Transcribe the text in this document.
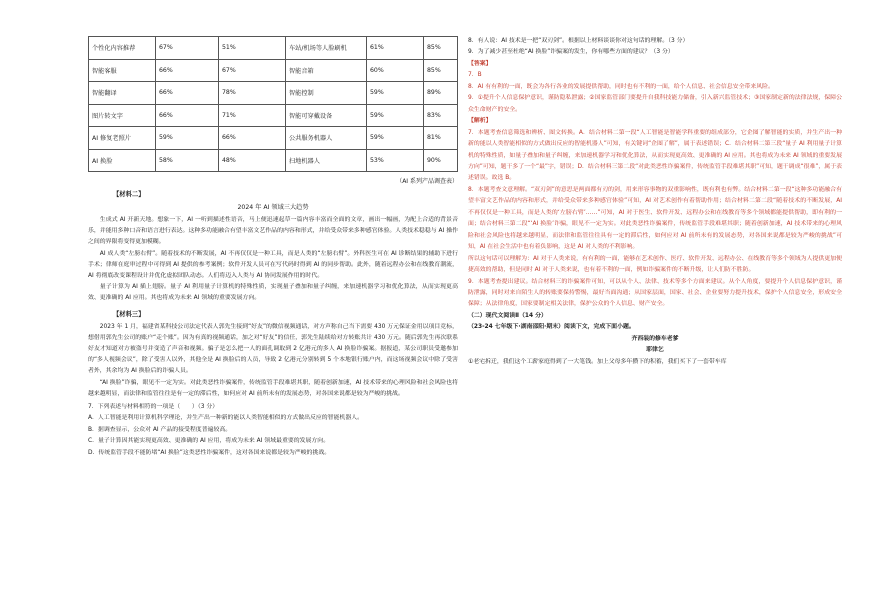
个性化内容推荐	67%	51%	车站/机场等人脸刷机	61%	85%
智能客服	66%	67%	智能音箱	60%	85%
智能翻译	66%	78%	智能控制	59%	89%
图片转文字	66%	71%	智能可穿戴设备	59%	83%
AI 修复老照片	59%	66%	公共服务机器人	59%	81%
AI 换脸	58%	48%	扫地机器人	53%	90%
（AI 系列产品调查表）
【材料二】
2024 年 AI 领域三大趋势

生成式 AI 开新天地。想象一下，AI 一听到描述性语音，马上便迅速起草一篇内容丰富而全面的文章，画出一幅画，为配上合适的背景音乐，并能用多种口音和语言进行表达。这种多功能融合有望丰富文艺作品的内容和形式，并给受众带来多种感官体验。人类技术稳稳与 AI 操作之间的界限将变得更加模糊。

AI 成人类“左膀右臂”。随着技术的不断发展，AI 不再仅仅是一种工具，而是人类的“左膀右臂”。外科医生可在 AI 诊断结果的辅助下进行手术；律师在庭审过程中可得到 AI 提供的参考案例；软件开发人员可在写代码时得到 AI 的同步帮助。此外，随着远程办公和在线教育潮流，AI 将彻底改变课程设计并优化虚拟团队动态。人们将迈入人类与 AI 协同发展作用的时代。

量子计算为 AI 插上翅膀。量子 AI 利用量子计算机的特殊性质，实现量子叠加和量子纠缠，来加速机器学习和优化算法，从而实现更高效、更准确的 AI 应用。其也将成为未来 AI 领域的重要发展方向。

【材料三】

2023 年 1 月，福建省某科技公司法定代表人郭先生接到“好友”的微信视频通话，对方声称自己当下需要 430 万元保证金用以项目竞标，想借用郭先生公司的账户“走个账”。因为有真的视频通话，加之对“好友”的信任，郭先生陆续给对方转账共计 430 万元。随后郭先生再次联系好友才知道对方被盗号并变造了声音和视频。骗子是怎么把一人的面孔调取到 2 亿港元的多人 AI 换脸诈骗案。据报道，某公司职员受邀参加的“多人视频会议”，除了受害人以外，其他全是 AI 换脸后的人员，导致 2 亿港元分别转到 5 个本地银行账户内，而这场视频会议中除了受害者外，其余均为 AI 换脸后的诈骗人员。

“AI 换脸”诈骗，眼见不一定为实。对此类恶性诈骗案件，传统监管手段难堪其职，随着创新加速，AI 技术带来的心理风险和社会风险也将越来越明显，而法律和监管往往是有一定的滞后性，如何应对 AI 前所未有的发展态势，对各国来说都是较为严峻的挑战。

7．下列表述与材料相符的一项是（　　）（3 分）

A．人工智能是利用计算机科学理论，并生产出一种新的能以人类智能相似的方式做出反应的智能机器人。

B．据调查显示，公众对 AI 产品的接受程度普遍较高。

C．量子计算因其能实现更高效、更准确的 AI 应用，将成为未来 AI 领域最重要的发展方向。

D．传统监管手段不能防堵“AI 换脸”这类恶性诈骗案件，这对各国来说都是较为严峻的挑战。

8．有人说：AI 技术是一把“双刃剑”。根据以上材料谈谈你对这句话的理解。（3 分）

9．为了减少甚至杜绝“AI 换脸”诈骗案的发生，你有哪些方面的建议？（3 分）

【答案】

7．B

8．AI 有有利的一面，既会为各行各业的发展提供帮助，同时也有不利的一面，给个人信息、社会信息安全带来风险。

9．①提升个人信息保护意识，谨防隐私泄露；②国家监管部门要提升自我科技能力储备，引入新兴监管技术；③国家制定新的法律法规，保障公众生命财产的安全。

【解析】

7．本题考查信息筛选和辨析、图文转换。A．结合材料二第一段“人工智能是智能学科重要的组成部分，它企图了解智能的实质，并生产出一种新的能以人类智能相似的方式做出反应的智能机器人”可知，有关键词“企图了解”，属于表述错误；C．结合材料二第三段“量子 AI 利用量子计算机的特殊性质，如量子叠加和量子纠缠，来加速机器学习和优化算法，从而实现更高效、更准确的 AI 应用。其也将成为未来 AI 领域的重要发展方向”可知，题干多了一个“最”字，错误；D．结合材料三第二段“对此类恶性诈骗案件，传统监管手段难堪其职”可知，题干调成“很难”，属于表述错误。故选 B。

8．本题考查文意理解。“双刃剑”的意思是两面都有刃的剑，用来形容事物的双重影响性，既有利也有弊。结合材料二第一段“这种多功能融合有望丰富文艺作品的内容和形式，并给受众带来多种感官体验”可知，AI 对艺术创作有着帮助作用；结合材料二第二段“随着技术的不断发展，AI 不再仅仅是一种工具，而是人类的‘左膀右臂’……”可知，AI 对于医生、软件开发、远程办公和在线教育等多个领域都能提供帮助，即有利的一面；结合材料三第二段“‘AI 换脸’诈骗，眼见不一定为实。对此类恶性诈骗案件，传统监管手段难堪其职；随着创新加速，AI 技术带来的心理风险和社会风险也将越来越明显，而法律和监管往往具有一定的滞后性，如何应对 AI 前所未有的发展态势，对各国来说都是较为严峻的挑战”可知，AI 在社会生活中也有着负影响，这是 AI 对人类的不利影响。

所以这句话可以理解为：AI 对于人类来说，有有利的一面，能够在艺术创作、医疗、软件开发、远程办公、在线教育等多个领域为人提供更加便捷高效的帮助，但是同时 AI 对于人类来说，也有着不利的一面，例如诈骗案件的不断升级，让人们防不胜防。

9．本题考查提出建议。结合材料三的诈骗案件可知，可以从个人、法律、技术等多个方面来建议。从个人角度，要提升个人信息保护意识，谨防泄露，同时对来自陌生人的转账要保持警惕，最好当面沟通；从国家层面，国家、社会、企业要努力提升技术，保护个人信息安全，形成安全保障；从法律角度，国家要制定相关法律，保护公众的个人信息、财产安全。

（二）现代文阅读Ⅱ（14 分）

（23-24 七年级下·湖南邵阳·期末）阅读下文，完成下面小题。

齐西装的修车老爹

耶律乞

①老宅拆迁，我们这个工薪家庭得到了一大笔钱。加上父母多年攒下的积蓄，我们买下了一套带车库
